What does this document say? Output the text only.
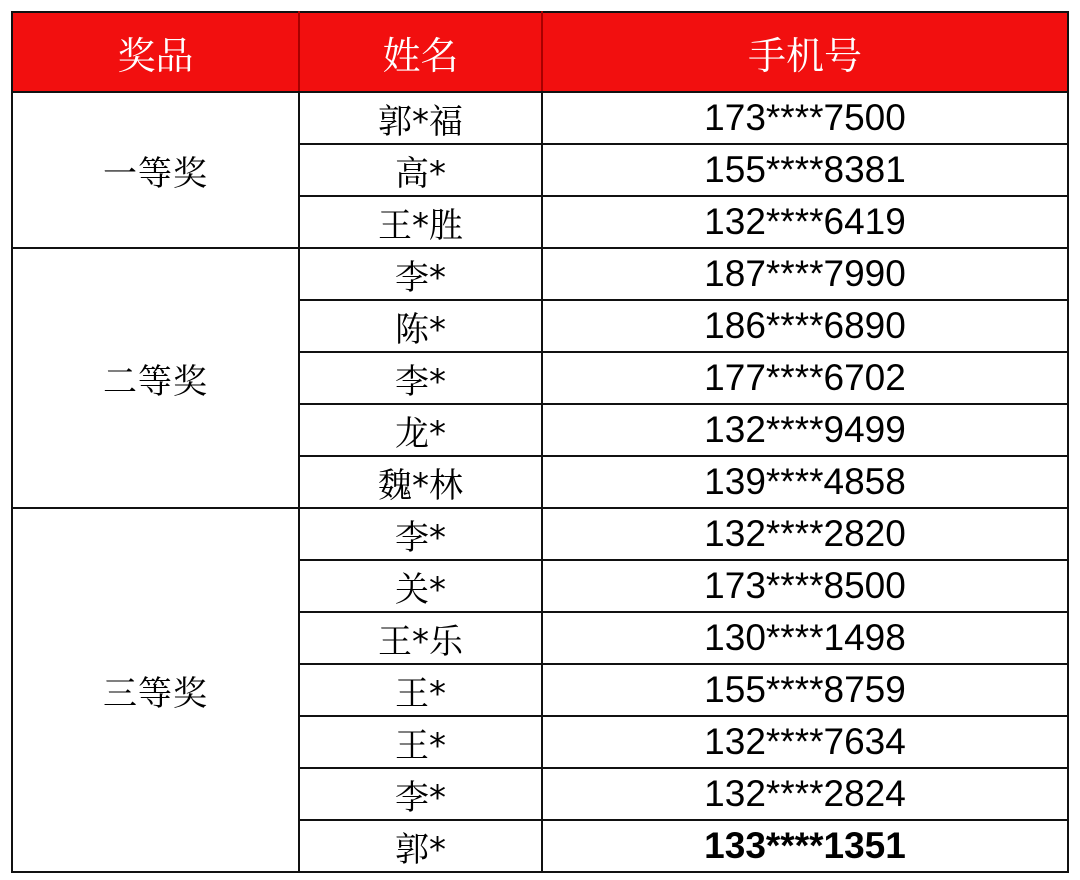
奖品	姓名	手机号
一等奖	郭*福	173****7500
	高*	155****8381
	王*胜	132****6419
二等奖	李*	187****7990
	陈*	186****6890
	李*	177****6702
	龙*	132****9499
	魏*林	139****4858
三等奖	李*	132****2820
	关*	173****8500
	王*乐	130****1498
	王*	155****8759
	王*	132****7634
	李*	132****2824
	郭*	133****1351
